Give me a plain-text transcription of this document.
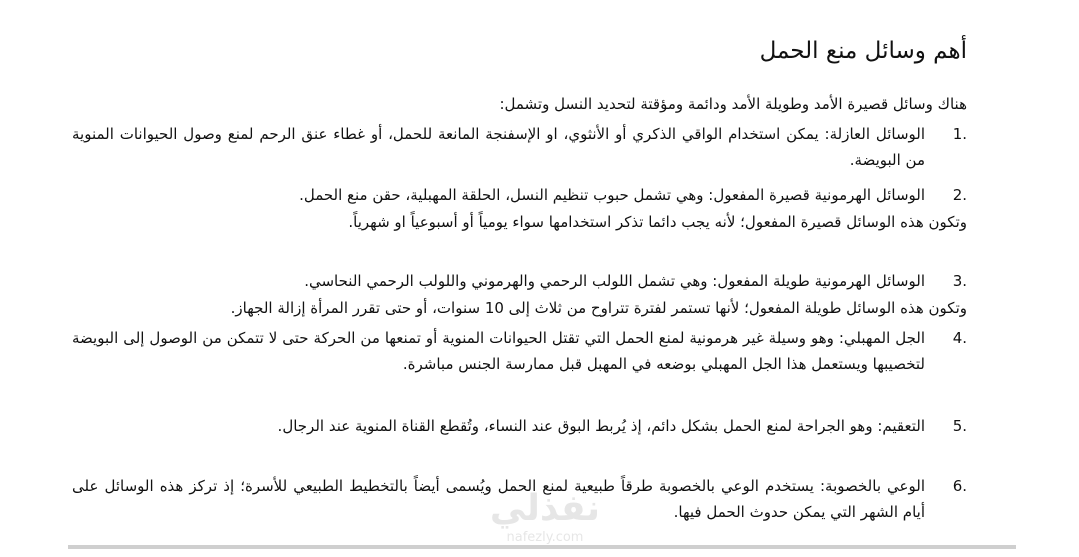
أهم وسائل منع الحمل
هناك وسائل قصيرة الأمد وطويلة الأمد ودائمة ومؤقتة لتحديد النسل وتشمل:
1.
الوسائل العازلة: يمكن استخدام الواقي الذكري أو الأنثوي، او الإسفنجة المانعة للحمل، أو غطاء عنق الرحم لمنع وصول الحيوانات المنوية من البويضة.
2.
الوسائل الهرمونية قصيرة المفعول: وهي تشمل حبوب تنظيم النسل، الحلقة المهبلية، حقن منع الحمل.
وتكون هذه الوسائل قصيرة المفعول؛ لأنه يجب دائما تذكر استخدامها سواء يومياً أو أسبوعياً او شهرياً.
3.
الوسائل الهرمونية طويلة المفعول: وهي تشمل اللولب الرحمي والهرموني واللولب الرحمي النحاسي.
وتكون هذه الوسائل طويلة المفعول؛ لأنها تستمر لفترة تتراوح من ثلاث إلى 10 سنوات، أو حتى تقرر المرأة إزالة الجهاز.
4.
الجل المهبلي: وهو وسيلة غير هرمونية لمنع الحمل التي تقتل الحيوانات المنوية أو تمنعها من الحركة حتى لا تتمكن من الوصول إلى البويضة لتخصيبها ويستعمل هذا الجل المهبلي بوضعه في المهبل قبل ممارسة الجنس مباشرة.
5.
التعقيم: وهو الجراحة لمنع الحمل بشكل دائم، إذ يُربط البوق عند النساء، وتُقطع القناة المنوية عند الرجال.
6.
الوعي بالخصوبة: يستخدم الوعي بالخصوبة طرقاً طبيعية لمنع الحمل ويُسمى أيضاً بالتخطيط الطبيعي للأسرة؛ إذ تركز هذه الوسائل على أيام الشهر التي يمكن حدوث الحمل فيها.
نفذلي
nafezly.com
